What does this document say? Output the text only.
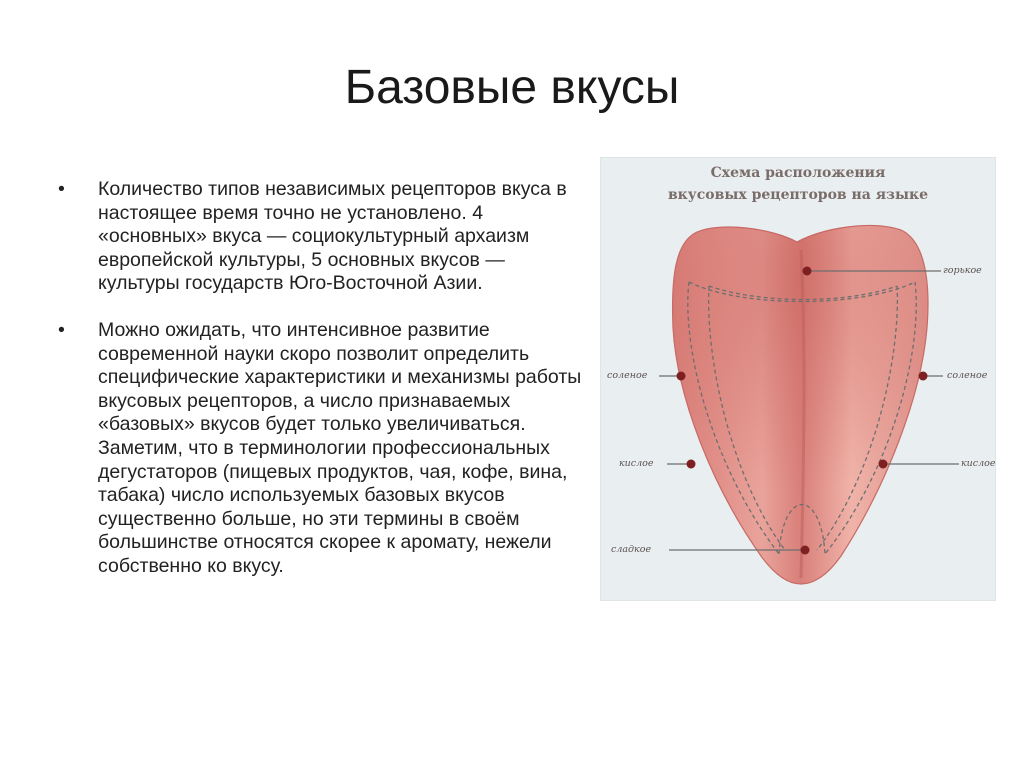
Базовые вкусы
• Количество типов независимых рецепторов вкуса в настоящее время точно не установлено. 4 «основных» вкуса — социокультурный архаизм европейской культуры, 5 основных вкусов — культуры государств Юго-Восточной Азии.
• Можно ожидать, что интенсивное развитие современной науки скоро позволит определить специфические характеристики и механизмы работы вкусовых рецепторов, а число признаваемых «базовых» вкусов будет только увеличиваться. Заметим, что в терминологии профессиональных дегустаторов (пищевых продуктов, чая, кофе, вина, табака) число используемых базовых вкусов существенно больше, но эти термины в своём большинстве относятся скорее к аромату, нежели собственно ко вкусу.
Схема расположения
вкусовых рецепторов на языке
горькое
соленое	соленое
кислое	кислое
сладкое
